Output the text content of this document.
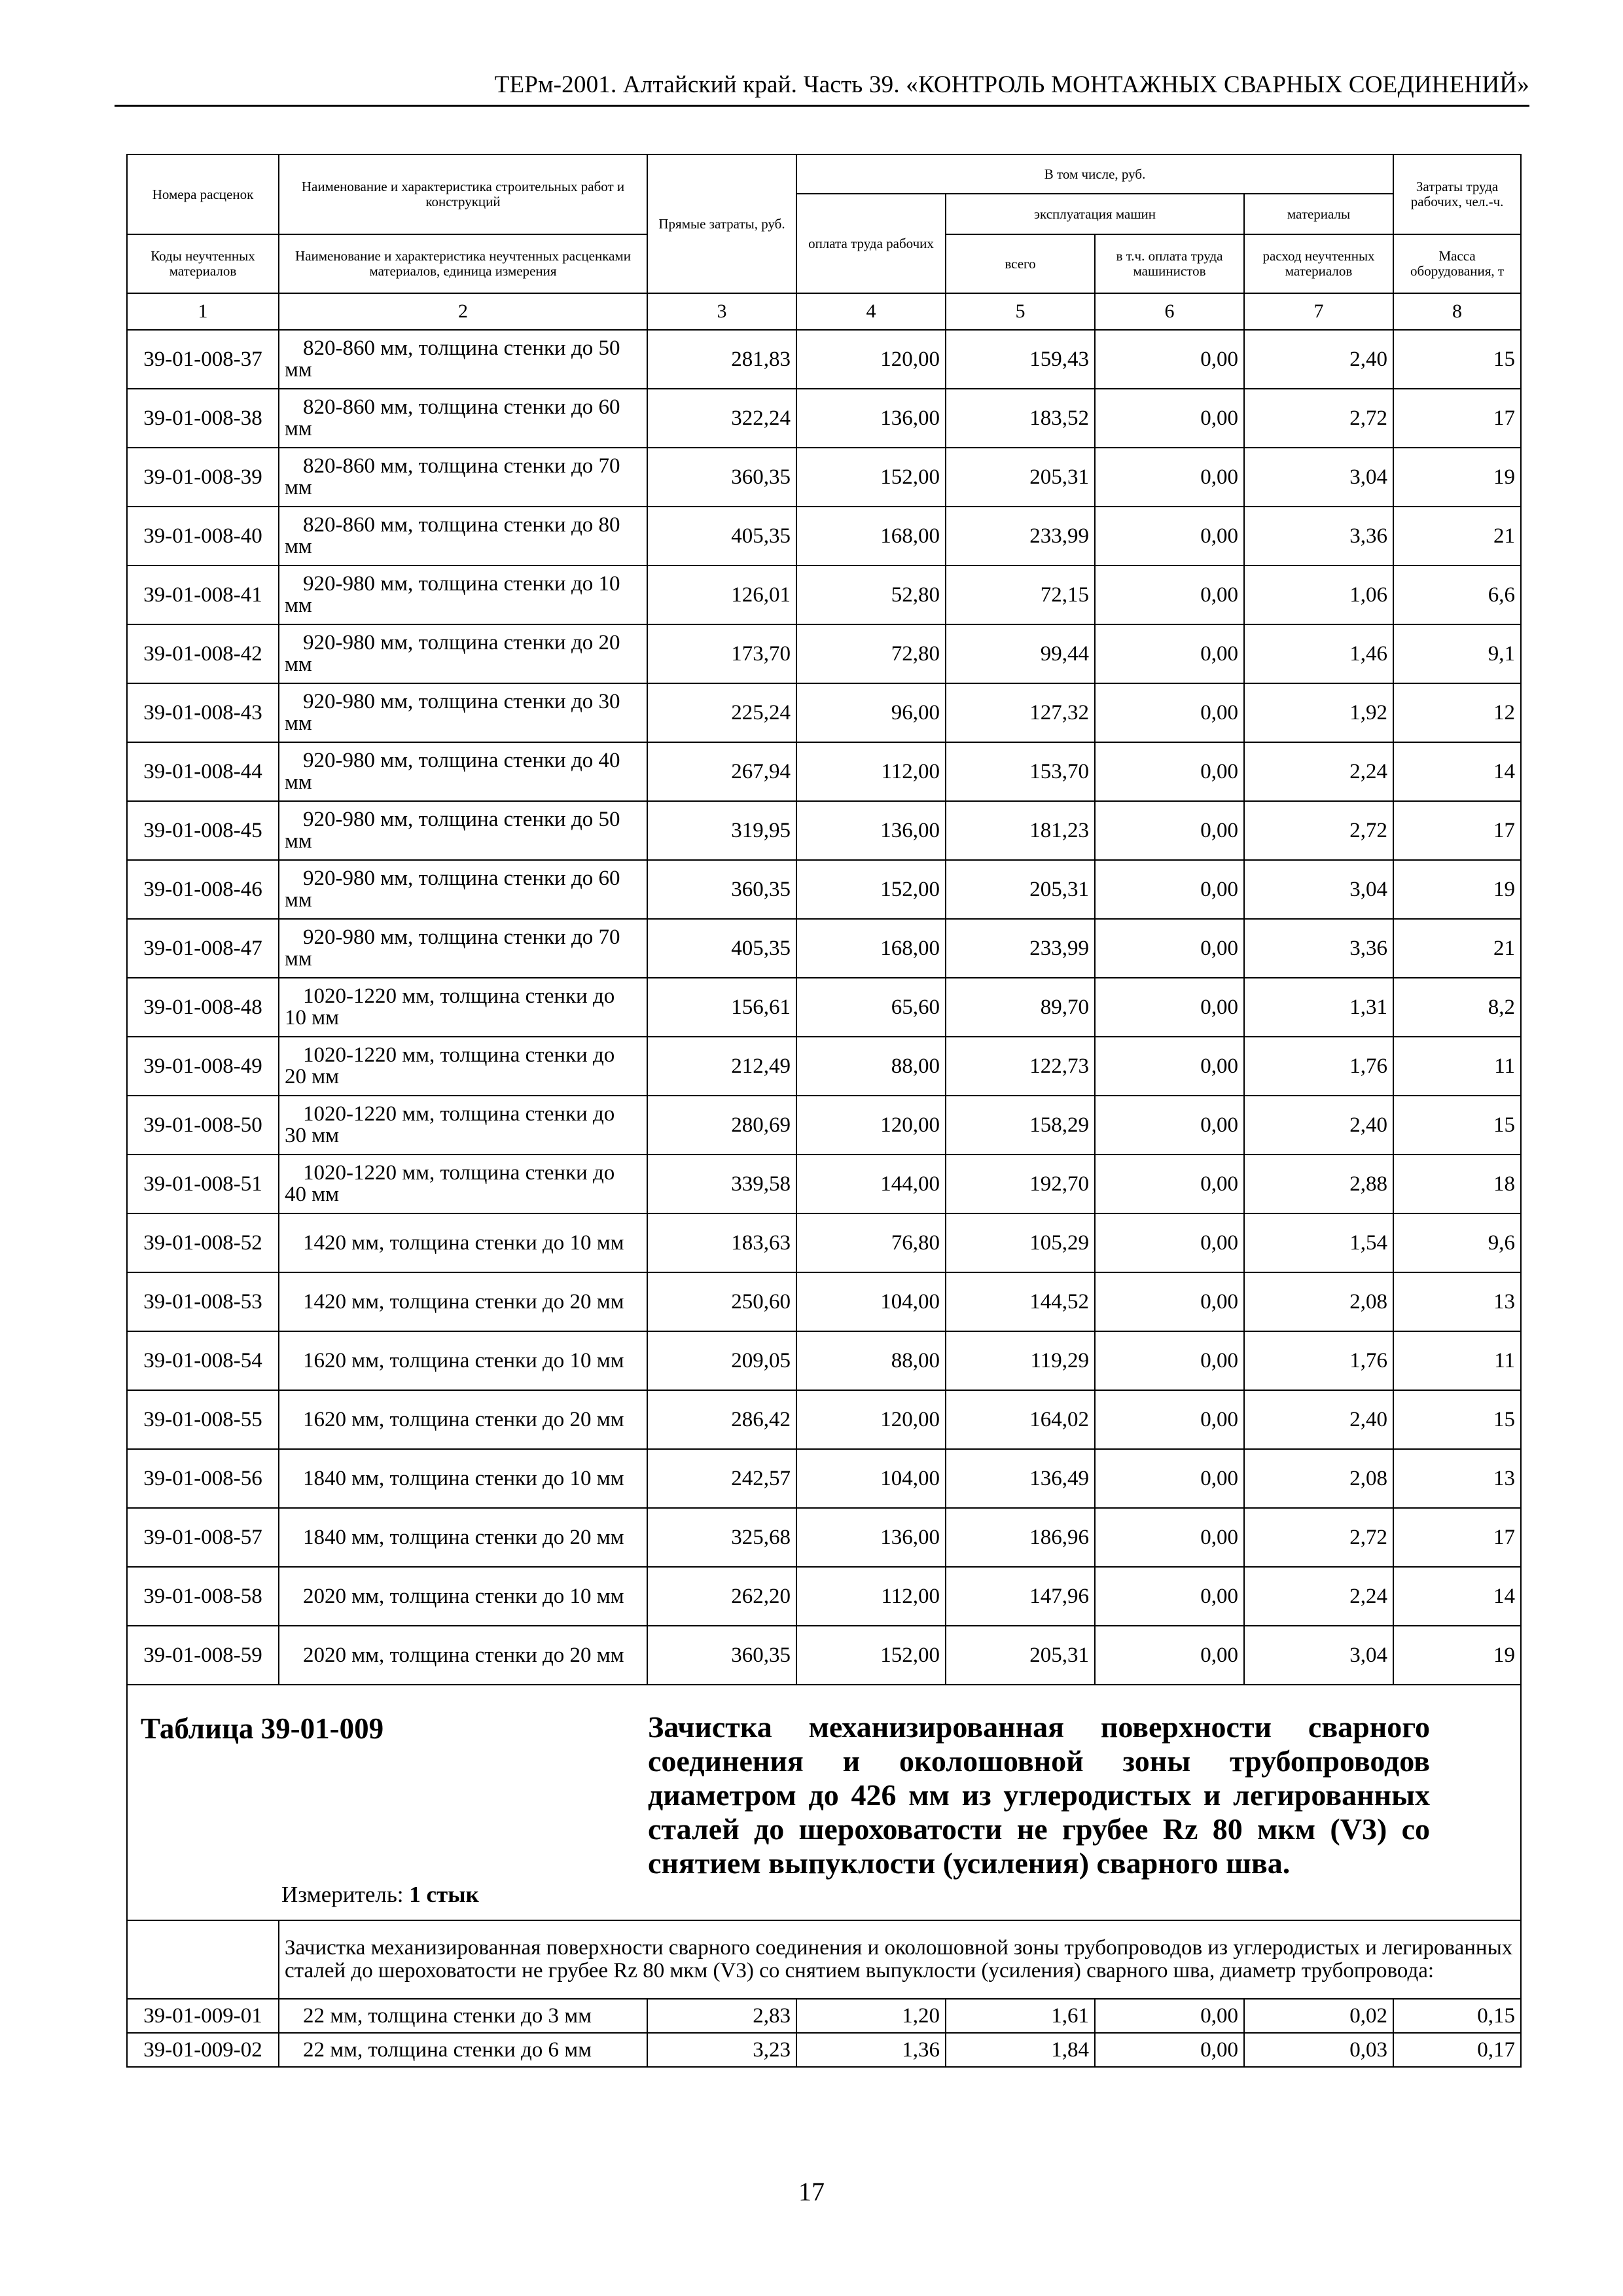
ТЕРм-2001. Алтайский край. Часть 39. «КОНТРОЛЬ МОНТАЖНЫХ СВАРНЫХ СОЕДИНЕНИЙ»
Номера расценок	Наименование и характеристика строительных работ и конструкций	Прямые затраты, руб.	В том числе, руб.				Затраты труда рабочих, чел.-ч.
			оплата труда рабочих	эксплуатация машин		материалы	
Коды неучтенных материалов	Наименование и характеристика неучтенных расценками материалов, единица измерения			всего	в т.ч. оплата труда машинистов	расход неучтенных материалов	Масса оборудования, т
1	2	3	4	5	6	7	8
39-01-008-37	820-860 мм, толщина стенки до 50 мм	281,83	120,00	159,43	0,00	2,40	15
39-01-008-38	820-860 мм, толщина стенки до 60 мм	322,24	136,00	183,52	0,00	2,72	17
39-01-008-39	820-860 мм, толщина стенки до 70 мм	360,35	152,00	205,31	0,00	3,04	19
39-01-008-40	820-860 мм, толщина стенки до 80 мм	405,35	168,00	233,99	0,00	3,36	21
39-01-008-41	920-980 мм, толщина стенки до 10 мм	126,01	52,80	72,15	0,00	1,06	6,6
39-01-008-42	920-980 мм, толщина стенки до 20 мм	173,70	72,80	99,44	0,00	1,46	9,1
39-01-008-43	920-980 мм, толщина стенки до 30 мм	225,24	96,00	127,32	0,00	1,92	12
39-01-008-44	920-980 мм, толщина стенки до 40 мм	267,94	112,00	153,70	0,00	2,24	14
39-01-008-45	920-980 мм, толщина стенки до 50 мм	319,95	136,00	181,23	0,00	2,72	17
39-01-008-46	920-980 мм, толщина стенки до 60 мм	360,35	152,00	205,31	0,00	3,04	19
39-01-008-47	920-980 мм, толщина стенки до 70 мм	405,35	168,00	233,99	0,00	3,36	21
39-01-008-48	1020-1220 мм, толщина стенки до 10 мм	156,61	65,60	89,70	0,00	1,31	8,2
39-01-008-49	1020-1220 мм, толщина стенки до 20 мм	212,49	88,00	122,73	0,00	1,76	11
39-01-008-50	1020-1220 мм, толщина стенки до 30 мм	280,69	120,00	158,29	0,00	2,40	15
39-01-008-51	1020-1220 мм, толщина стенки до 40 мм	339,58	144,00	192,70	0,00	2,88	18
39-01-008-52	1420 мм, толщина стенки до 10 мм	183,63	76,80	105,29	0,00	1,54	9,6
39-01-008-53	1420 мм, толщина стенки до 20 мм	250,60	104,00	144,52	0,00	2,08	13
39-01-008-54	1620 мм, толщина стенки до 10 мм	209,05	88,00	119,29	0,00	1,76	11
39-01-008-55	1620 мм, толщина стенки до 20 мм	286,42	120,00	164,02	0,00	2,40	15
39-01-008-56	1840 мм, толщина стенки до 10 мм	242,57	104,00	136,49	0,00	2,08	13
39-01-008-57	1840 мм, толщина стенки до 20 мм	325,68	136,00	186,96	0,00	2,72	17
39-01-008-58	2020 мм, толщина стенки до 10 мм	262,20	112,00	147,96	0,00	2,24	14
39-01-008-59	2020 мм, толщина стенки до 20 мм	360,35	152,00	205,31	0,00	3,04	19

Таблица 39-01-009 Зачистка механизированная поверхности сварного соединения и околошовной зоны трубопроводов диаметром до 426 мм из углеродистых и легированных сталей до шероховатости не грубее Rz 80 мкм (V3) со снятием выпуклости (усиления) сварного шва.
Измеритель: 1 стык							

	Зачистка механизированная поверхности сварного соединения и околошовной зоны трубопроводов из углеродистых и легированных сталей до шероховатости не грубее Rz 80 мкм (V3) со снятием выпуклости (усиления) сварного шва, диаметр трубопровода:						
39-01-009-01	22 мм, толщина стенки до 3 мм	2,83	1,20	1,61	0,00	0,02	0,15
39-01-009-02	22 мм, толщина стенки до 6 мм	3,23	1,36	1,84	0,00	0,03	0,17
17
